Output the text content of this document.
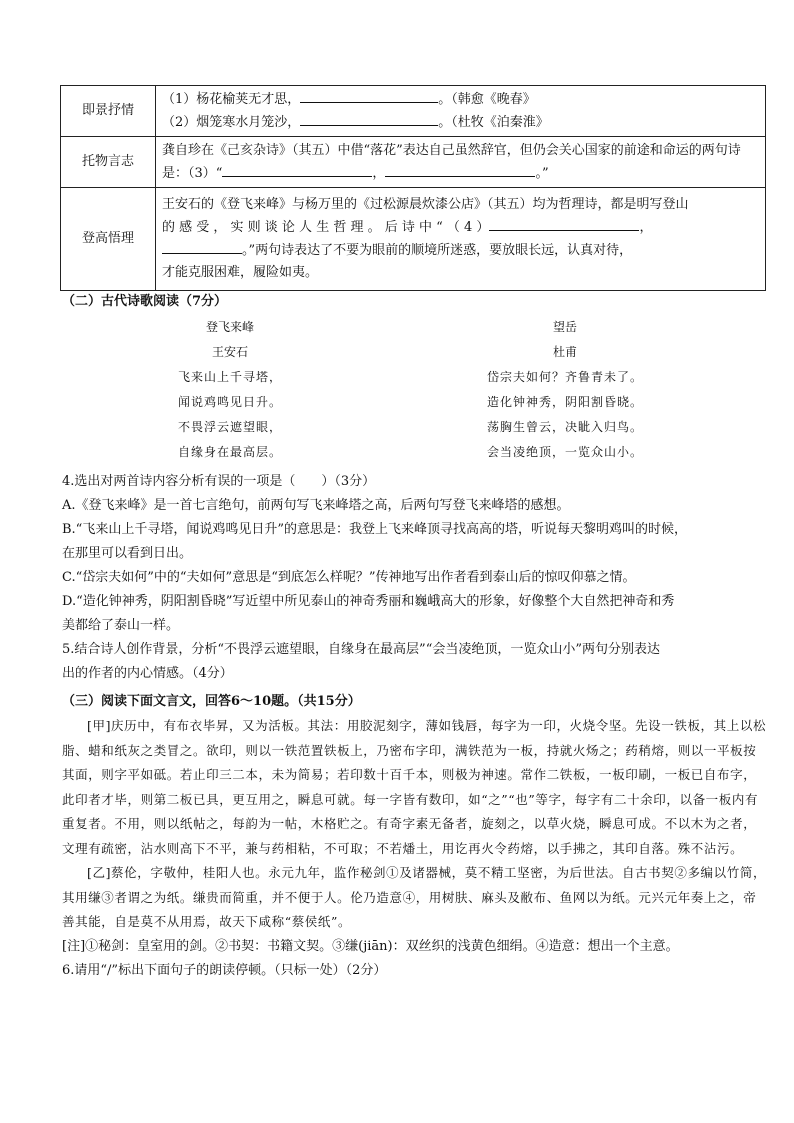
即景抒情	（1）杨花榆荚无才思， 。（韩愈《晚春》
（2）烟笼寒水月笼沙， 。（杜牧《泊秦淮》

托物言志	龚自珍在《己亥杂诗》（其五）中借“落花”表达自己虽然辞官，但仍会关心国家的前途和命运的两句诗是：（3）“ ， 。”
登高悟理	王安石的《登飞来峰》与杨万里的《过松源晨炊漆公店》（其五）均为哲理诗，都是明写登山
的 感 受 ， 实 则 谈 论 人 生 哲 理 。 后 诗 中 “ （ 4 ） ，
。”两句诗表达了不要为眼前的顺境所迷惑，要放眼长远，认真对待，
才能克服困难，履险如夷。
（二）古代诗歌阅读（7分）
登飞来峰
王安石
飞来山上千寻塔，
闻说鸡鸣见日升。
不畏浮云遮望眼，
自缘身在最高层。
望岳
杜甫
岱宗夫如何？齐鲁青未了。
造化钟神秀，阴阳割昏晓。
荡胸生曾云，决眦入归鸟。
会当凌绝顶，一览众山小。

4.选出对两首诗内容分析有误的一项是（　　）（3分）

A.《登飞来峰》是一首七言绝句，前两句写飞来峰塔之高，后两句写登飞来峰塔的感想。

B.“飞来山上千寻塔，闻说鸡鸣见日升”的意思是：我登上飞来峰顶寻找高高的塔，听说每天黎明鸡叫的时候，

在那里可以看到日出。

C.“岱宗夫如何”中的“夫如何”意思是“到底怎么样呢？”传神地写出作者看到泰山后的惊叹仰慕之情。

D.“造化钟神秀，阴阳割昏晓”写近望中所见泰山的神奇秀丽和巍峨高大的形象，好像整个大自然把神奇和秀

美都给了泰山一样。

5.结合诗人创作背景，分析“不畏浮云遮望眼，自缘身在最高层”“会当凌绝顶，一览众山小”两句分别表达

出的作者的内心情感。（4分）

（三）阅读下面文言文，回答6～10题。（共15分）

[甲]庆历中，有布衣毕昇，又为活板。其法：用胶泥刻字，薄如钱唇，每字为一印，火烧令坚。先设一铁板，其上以松脂、蜡和纸灰之类冒之。欲印，则以一铁范置铁板上，乃密布字印，满铁范为一板，持就火炀之；药稍熔，则以一平板按其面，则字平如砥。若止印三二本，未为简易；若印数十百千本，则极为神速。常作二铁板，一板印刷，一板已自布字，此印者才毕，则第二板已具，更互用之，瞬息可就。每一字皆有数印，如“之”“也”等字，每字有二十余印，以备一板内有重复者。不用，则以纸帖之，每韵为一帖，木格贮之。有奇字素无备者，旋刻之，以草火烧，瞬息可成。不以木为之者，文理有疏密，沾水则高下不平，兼与药相粘，不可取；不若燔土，用讫再火令药熔，以手拂之，其印自落。殊不沾污。

[乙]蔡伦，字敬仲，桂阳人也。永元九年，监作秘剑①及诸器械，莫不精工坚密，为后世法。自古书契②多编以竹简，其用缣③者谓之为纸。缣贵而简重，并不便于人。伦乃造意④，用树肤、麻头及敝布、鱼网以为纸。元兴元年奏上之，帝善其能，自是莫不从用焉，故天下咸称“蔡侯纸”。

[注]①秘剑：皇室用的剑。②书契：书籍文契。③缣(jiān)：双丝织的浅黄色细绢。④造意：想出一个主意。

6.请用“/”标出下面句子的朗读停顿。（只标一处）（2分）
